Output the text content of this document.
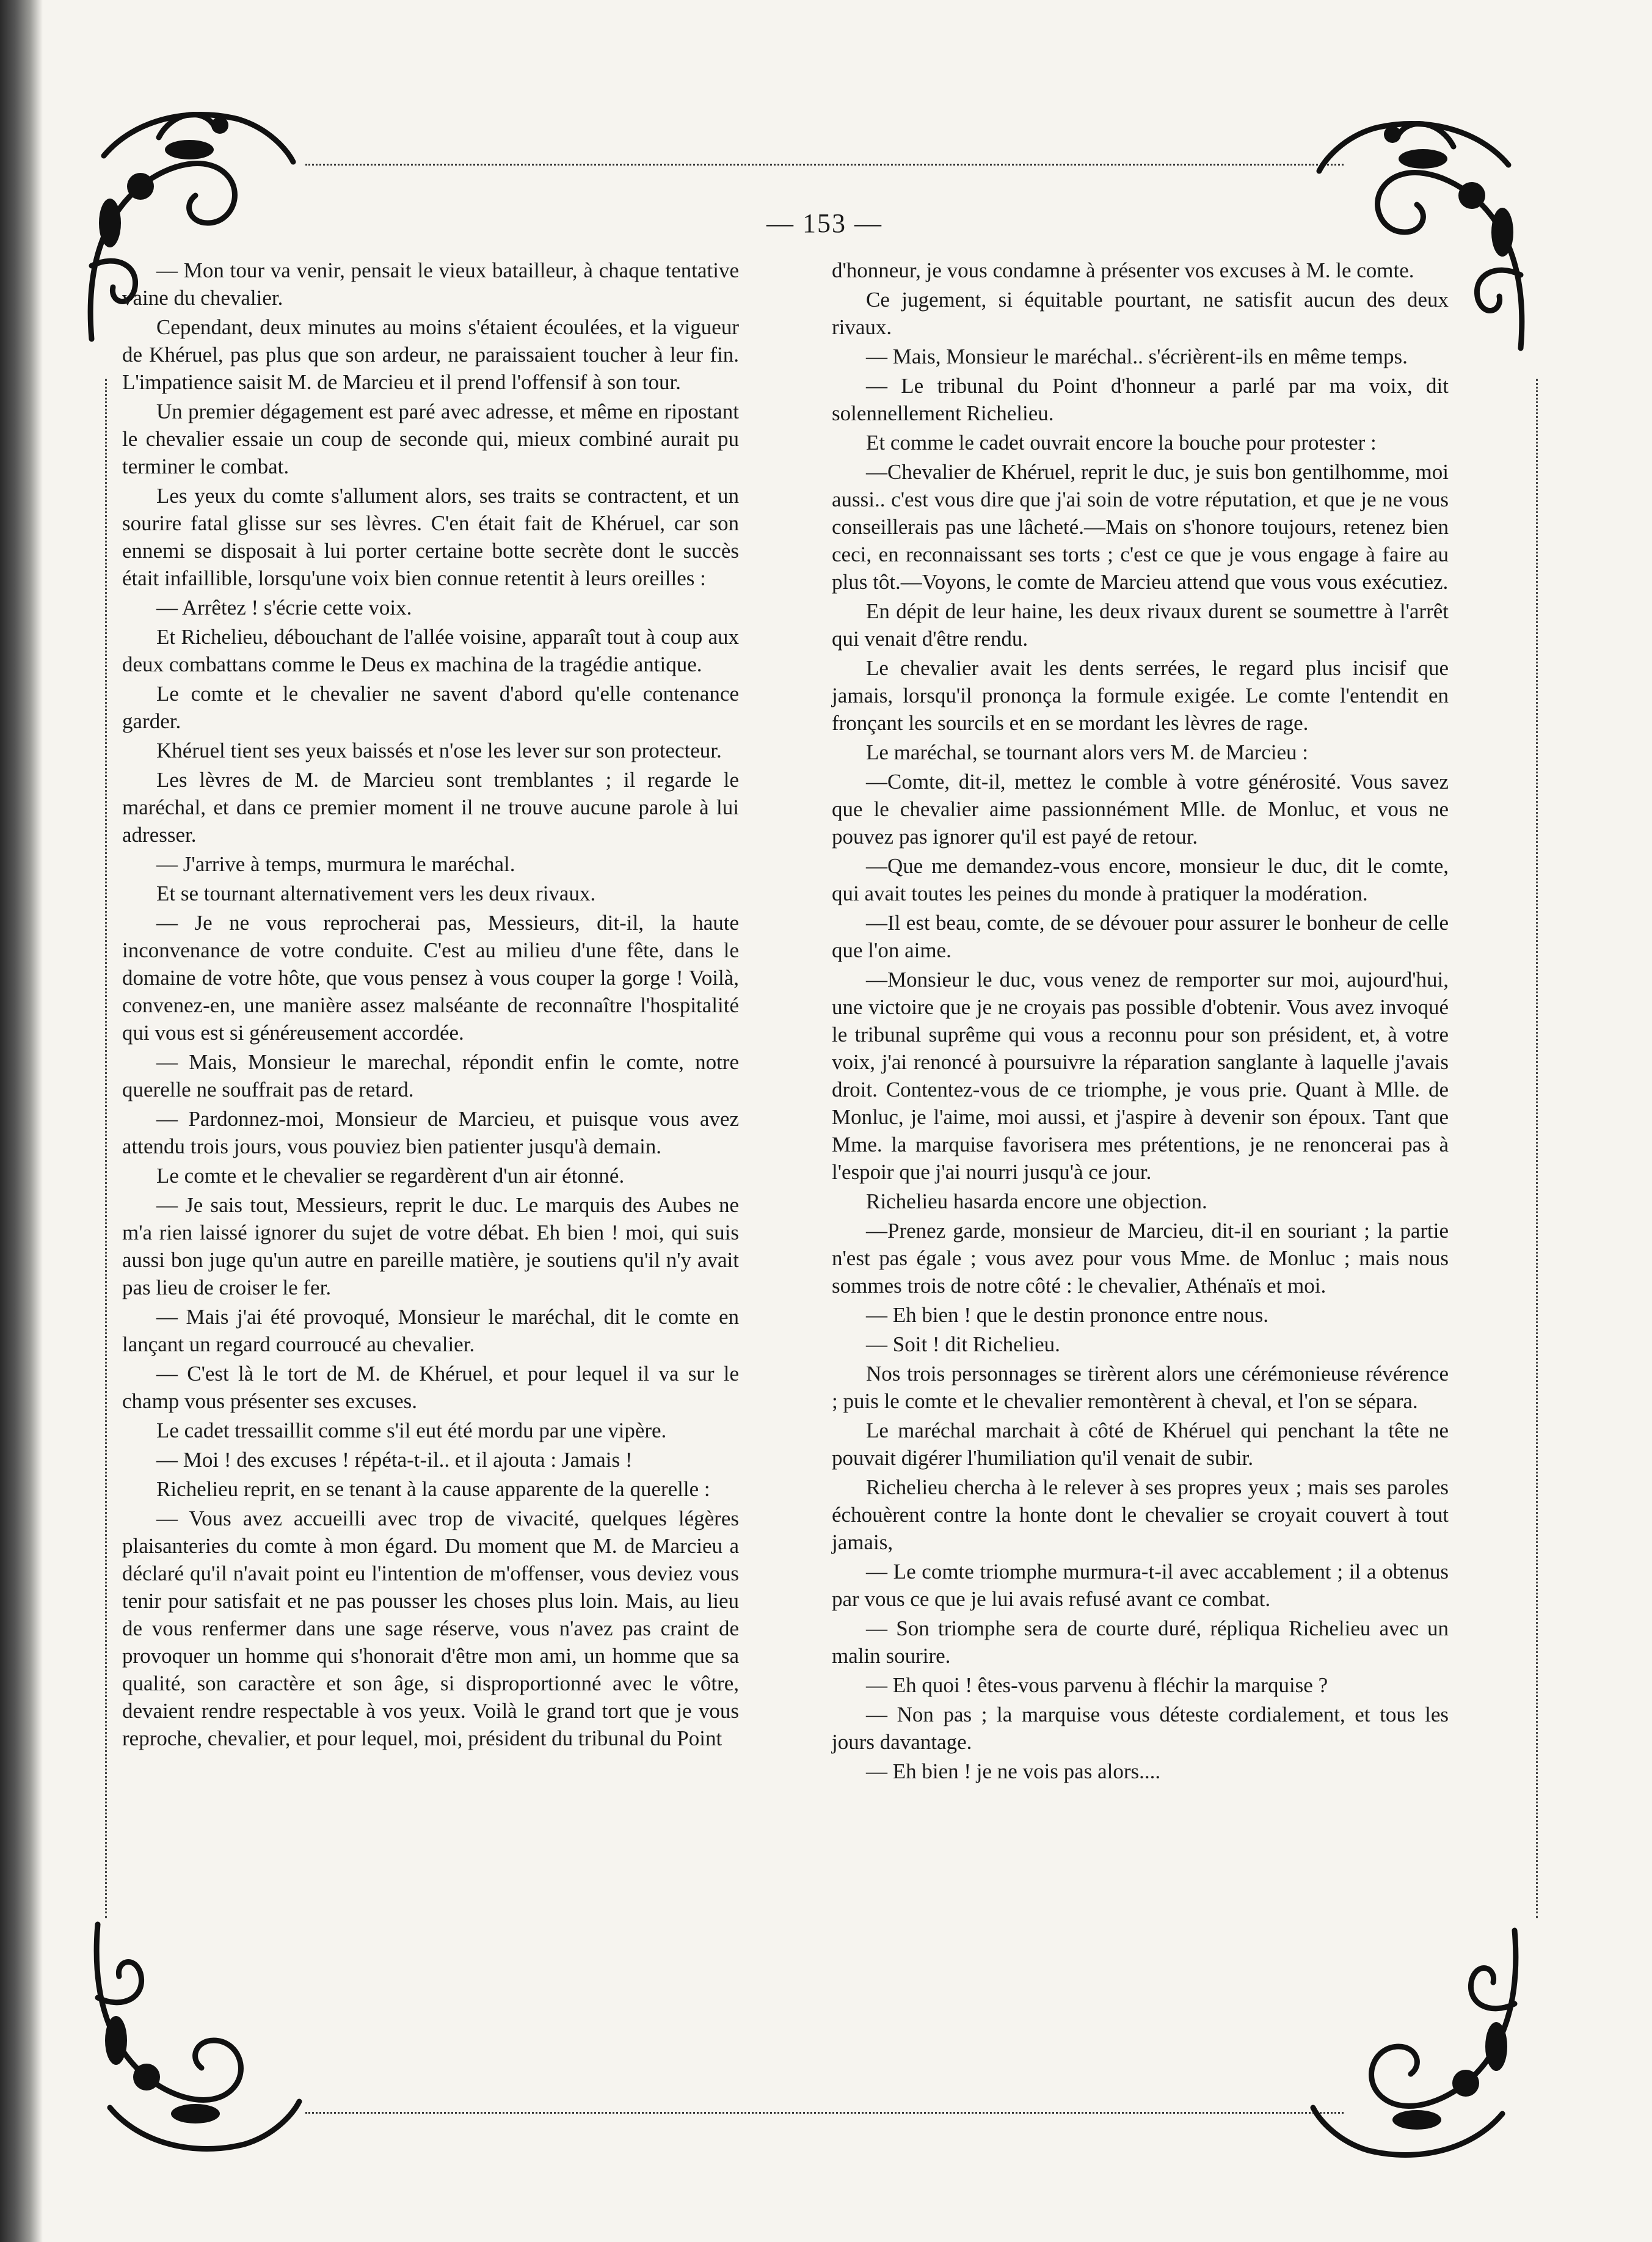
— 153 —

— Mon tour va venir, pensait le vieux batailleur, à chaque tentative vaine du chevalier.

Cependant, deux minutes au moins s'étaient écoulées, et la vigueur de Khéruel, pas plus que son ardeur, ne paraissaient toucher à leur fin. L'impatience saisit M. de Marcieu et il prend l'offensif à son tour.

Un premier dégagement est paré avec adresse, et même en ripostant le chevalier essaie un coup de seconde qui, mieux combiné aurait pu terminer le combat.

Les yeux du comte s'allument alors, ses traits se contractent, et un sourire fatal glisse sur ses lèvres. C'en était fait de Khéruel, car son ennemi se disposait à lui porter certaine botte secrète dont le succès était infaillible, lorsqu'une voix bien connue retentit à leurs oreilles :

— Arrêtez ! s'écrie cette voix.

Et Richelieu, débouchant de l'allée voisine, apparaît tout à coup aux deux combattans comme le Deus ex machina de la tragédie antique.

Le comte et le chevalier ne savent d'abord qu'elle contenance garder.

Khéruel tient ses yeux baissés et n'ose les lever sur son protecteur.

Les lèvres de M. de Marcieu sont tremblantes ; il regarde le maréchal, et dans ce premier moment il ne trouve aucune parole à lui adresser.

— J'arrive à temps, murmura le maréchal.

Et se tournant alternativement vers les deux rivaux.

— Je ne vous reprocherai pas, Messieurs, dit-il, la haute inconvenance de votre conduite. C'est au milieu d'une fête, dans le domaine de votre hôte, que vous pensez à vous couper la gorge ! Voilà, convenez-en, une manière assez malséante de reconnaître l'hospitalité qui vous est si généreusement accordée.

— Mais, Monsieur le marechal, répondit enfin le comte, notre querelle ne souffrait pas de retard.

— Pardonnez-moi, Monsieur de Marcieu, et puisque vous avez attendu trois jours, vous pouviez bien patienter jusqu'à demain.

Le comte et le chevalier se regardèrent d'un air étonné.

— Je sais tout, Messieurs, reprit le duc. Le marquis des Aubes ne m'a rien laissé ignorer du sujet de votre débat. Eh bien ! moi, qui suis aussi bon juge qu'un autre en pareille matière, je soutiens qu'il n'y avait pas lieu de croiser le fer.

— Mais j'ai été provoqué, Monsieur le maréchal, dit le comte en lançant un regard courroucé au chevalier.

— C'est là le tort de M. de Khéruel, et pour lequel il va sur le champ vous présenter ses excuses.

Le cadet tressaillit comme s'il eut été mordu par une vipère.

— Moi ! des excuses ! répéta-t-il.. et il ajouta : Jamais !

Richelieu reprit, en se tenant à la cause apparente de la querelle :

— Vous avez accueilli avec trop de vivacité, quelques légères plaisanteries du comte à mon égard. Du moment que M. de Marcieu a déclaré qu'il n'avait point eu l'intention de m'offenser, vous deviez vous tenir pour satisfait et ne pas pousser les choses plus loin. Mais, au lieu de vous renfermer dans une sage réserve, vous n'avez pas craint de provoquer un homme qui s'honorait d'être mon ami, un homme que sa qualité, son caractère et son âge, si disproportionné avec le vôtre, devaient rendre respectable à vos yeux. Voilà le grand tort que je vous reproche, chevalier, et pour lequel, moi, président du tribunal du Point

d'honneur, je vous condamne à présenter vos excuses à M. le comte.

Ce jugement, si équitable pourtant, ne satisfit aucun des deux rivaux.

— Mais, Monsieur le maréchal.. s'écrièrent-ils en même temps.

— Le tribunal du Point d'honneur a parlé par ma voix, dit solennellement Richelieu.

Et comme le cadet ouvrait encore la bouche pour protester :

—Chevalier de Khéruel, reprit le duc, je suis bon gentilhomme, moi aussi.. c'est vous dire que j'ai soin de votre réputation, et que je ne vous conseillerais pas une lâcheté.—Mais on s'honore toujours, retenez bien ceci, en reconnaissant ses torts ; c'est ce que je vous engage à faire au plus tôt.—Voyons, le comte de Marcieu attend que vous vous exécutiez.

En dépit de leur haine, les deux rivaux durent se soumettre à l'arrêt qui venait d'être rendu.

Le chevalier avait les dents serrées, le regard plus incisif que jamais, lorsqu'il prononça la formule exigée. Le comte l'entendit en fronçant les sourcils et en se mordant les lèvres de rage.

Le maréchal, se tournant alors vers M. de Marcieu :

—Comte, dit-il, mettez le comble à votre générosité. Vous savez que le chevalier aime passionnément Mlle. de Monluc, et vous ne pouvez pas ignorer qu'il est payé de retour.

—Que me demandez-vous encore, monsieur le duc, dit le comte, qui avait toutes les peines du monde à pratiquer la modération.

—Il est beau, comte, de se dévouer pour assurer le bonheur de celle que l'on aime.

—Monsieur le duc, vous venez de remporter sur moi, aujourd'hui, une victoire que je ne croyais pas possible d'obtenir. Vous avez invoqué le tribunal suprême qui vous a reconnu pour son président, et, à votre voix, j'ai renoncé à poursuivre la réparation sanglante à laquelle j'avais droit. Contentez-vous de ce triomphe, je vous prie. Quant à Mlle. de Monluc, je l'aime, moi aussi, et j'aspire à devenir son époux. Tant que Mme. la marquise favorisera mes prétentions, je ne renoncerai pas à l'espoir que j'ai nourri jusqu'à ce jour.

Richelieu hasarda encore une objection.

—Prenez garde, monsieur de Marcieu, dit-il en souriant ; la partie n'est pas égale ; vous avez pour vous Mme. de Monluc ; mais nous sommes trois de notre côté : le chevalier, Athénaïs et moi.

— Eh bien ! que le destin prononce entre nous.

— Soit ! dit Richelieu.

Nos trois personnages se tirèrent alors une cérémonieuse révérence ; puis le comte et le chevalier remontèrent à cheval, et l'on se sépara.

Le maréchal marchait à côté de Khéruel qui penchant la tête ne pouvait digérer l'humiliation qu'il venait de subir.

Richelieu chercha à le relever à ses propres yeux ; mais ses paroles échouèrent contre la honte dont le chevalier se croyait couvert à tout jamais,

— Le comte triomphe murmura-t-il avec accablement ; il a obtenus par vous ce que je lui avais refusé avant ce combat.

— Son triomphe sera de courte duré, répliqua Richelieu avec un malin sourire.

— Eh quoi ! êtes-vous parvenu à fléchir la marquise ?

— Non pas ; la marquise vous déteste cordialement, et tous les jours davantage.

— Eh bien ! je ne vois pas alors....
